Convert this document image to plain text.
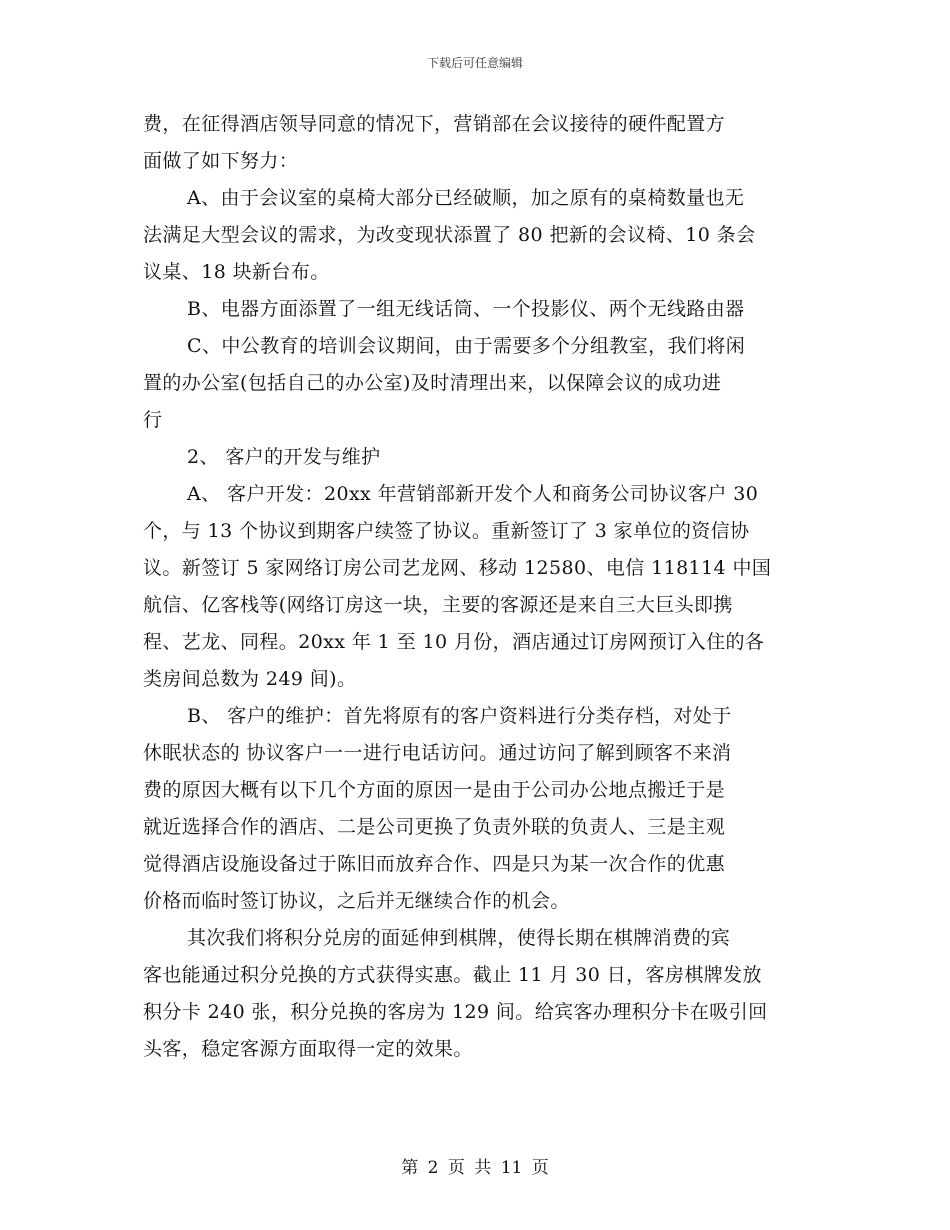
下载后可任意编辑
费，在征得酒店领导同意的情况下，营销部在会议接待的硬件配置方
面做了如下努力：
A、由于会议室的桌椅大部分已经破顺，加之原有的桌椅数量也无
法满足大型会议的需求，为改变现状添置了 80 把新的会议椅、10 条会
议桌、18 块新台布。
B、电器方面添置了一组无线话筒、一个投影仪、两个无线路由器
C、中公教育的培训会议期间，由于需要多个分组教室，我们将闲
置的办公室(包括自己的办公室)及时清理出来，以保障会议的成功进
行
2、 客户的开发与维护
A、 客户开发：20xx 年营销部新开发个人和商务公司协议客户 30
个，与 13 个协议到期客户续签了协议。重新签订了 3 家单位的资信协
议。新签订 5 家网络订房公司艺龙网、移动 12580、电信 118114 中国
航信、亿客栈等(网络订房这一块，主要的客源还是来自三大巨头即携
程、艺龙、同程。20xx 年 1 至 10 月份，酒店通过订房网预订入住的各
类房间总数为 249 间)。
B、 客户的维护：首先将原有的客户资料进行分类存档，对处于
休眠状态的 协议客户一一进行电话访问。通过访问了解到顾客不来消
费的原因大概有以下几个方面的原因一是由于公司办公地点搬迁于是
就近选择合作的酒店、二是公司更换了负责外联的负责人、三是主观
觉得酒店设施设备过于陈旧而放弃合作、四是只为某一次合作的优惠
价格而临时签订协议，之后并无继续合作的机会。
其次我们将积分兑房的面延伸到棋牌，使得长期在棋牌消费的宾
客也能通过积分兑换的方式获得实惠。截止 11 月 30 日，客房棋牌发放
积分卡 240 张，积分兑换的客房为 129 间。给宾客办理积分卡在吸引回
头客，稳定客源方面取得一定的效果。
第 2 页 共 11 页
